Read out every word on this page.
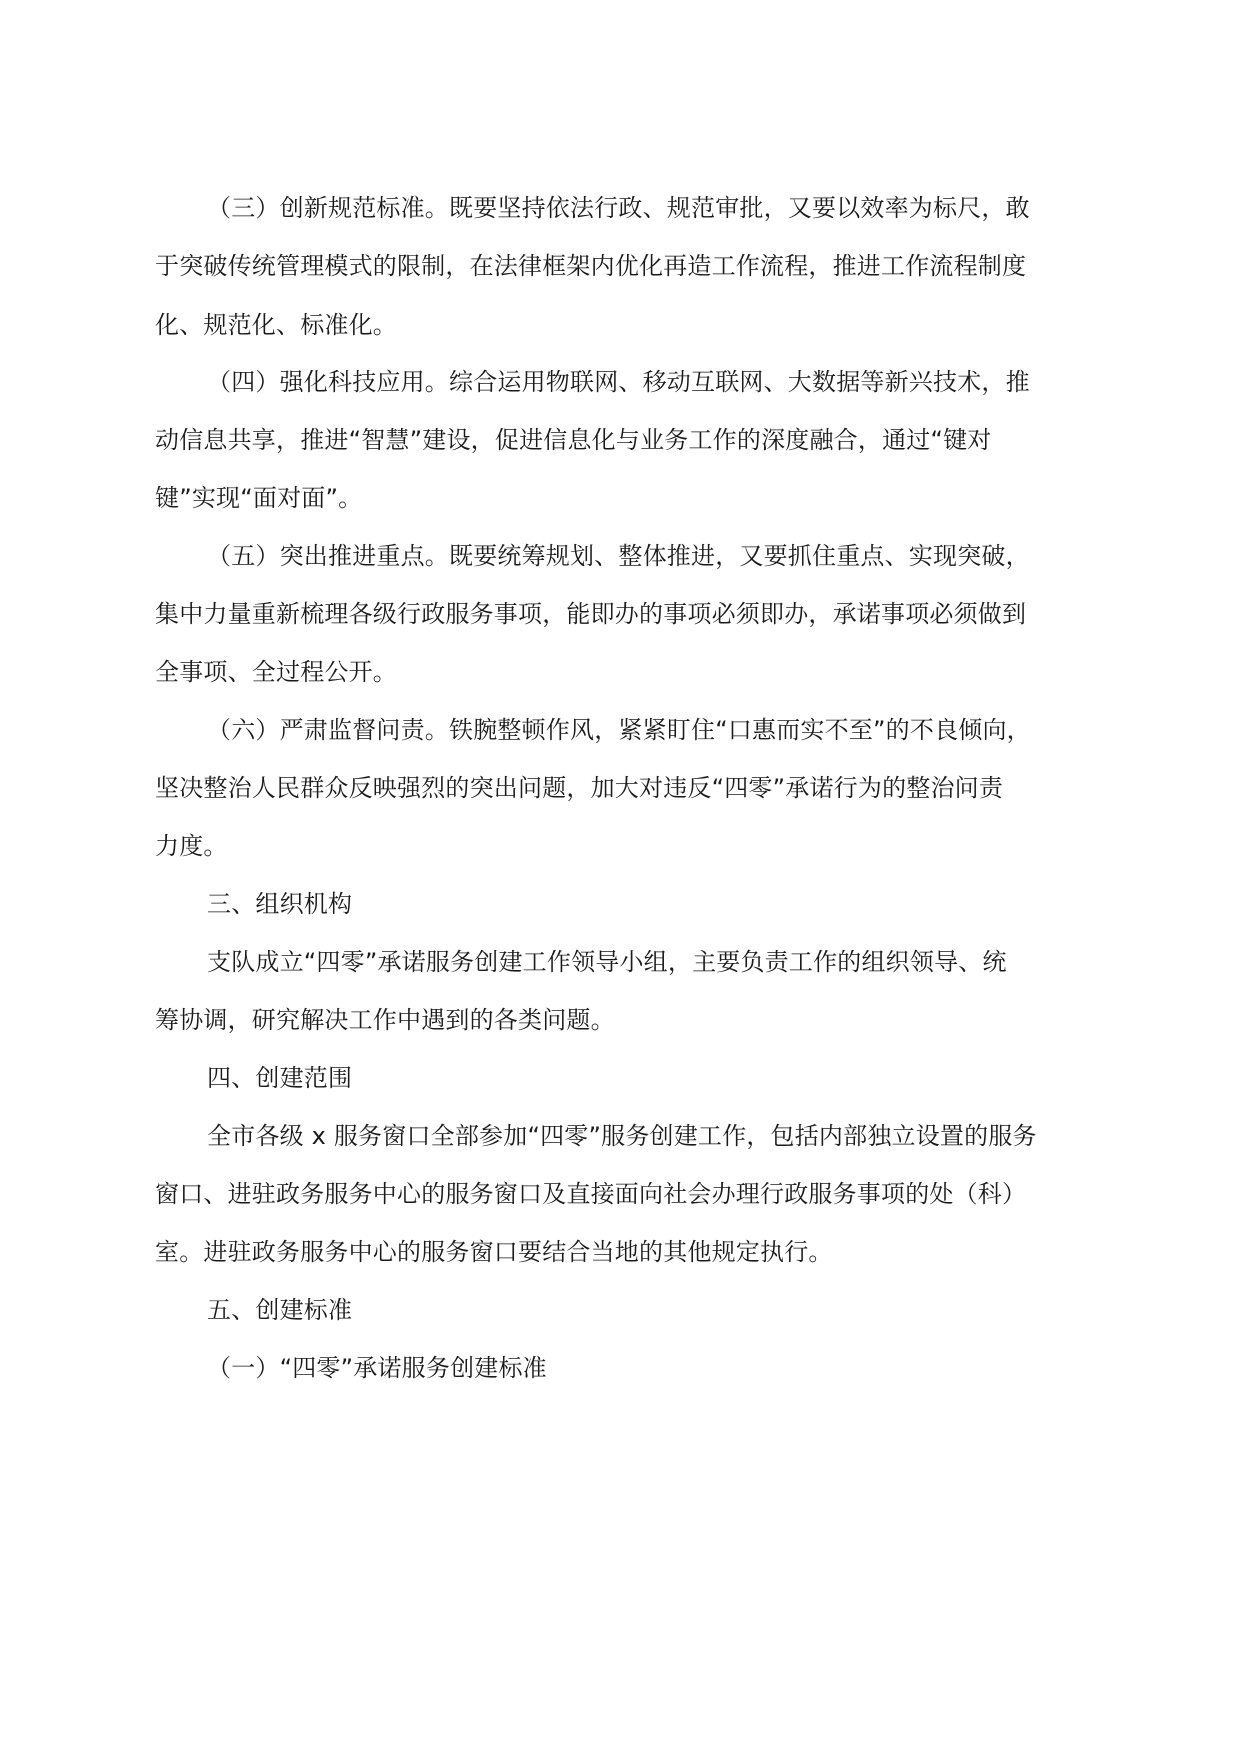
（三）创新规范标准。既要坚持依法行政、规范审批，又要以效率为标尺，敢
于突破传统管理模式的限制，在法律框架内优化再造工作流程，推进工作流程制度
化、规范化、标准化。
（四）强化科技应用。综合运用物联网、移动互联网、大数据等新兴技术，推
动信息共享，推进“智慧”建设，促进信息化与业务工作的深度融合，通过“键对
键”实现“面对面”。
（五）突出推进重点。既要统筹规划、整体推进，又要抓住重点、实现突破，
集中力量重新梳理各级行政服务事项，能即办的事项必须即办，承诺事项必须做到
全事项、全过程公开。
（六）严肃监督问责。铁腕整顿作风，紧紧盯住“口惠而实不至”的不良倾向，
坚决整治人民群众反映强烈的突出问题，加大对违反“四零”承诺行为的整治问责
力度。
三、组织机构
支队成立“四零”承诺服务创建工作领导小组，主要负责工作的组织领导、统
筹协调，研究解决工作中遇到的各类问题。
四、创建范围
全市各级 x 服务窗口全部参加“四零”服务创建工作，包括内部独立设置的服务
窗口、进驻政务服务中心的服务窗口及直接面向社会办理行政服务事项的处（科）
室。进驻政务服务中心的服务窗口要结合当地的其他规定执行。
五、创建标准
（一）“四零”承诺服务创建标准
